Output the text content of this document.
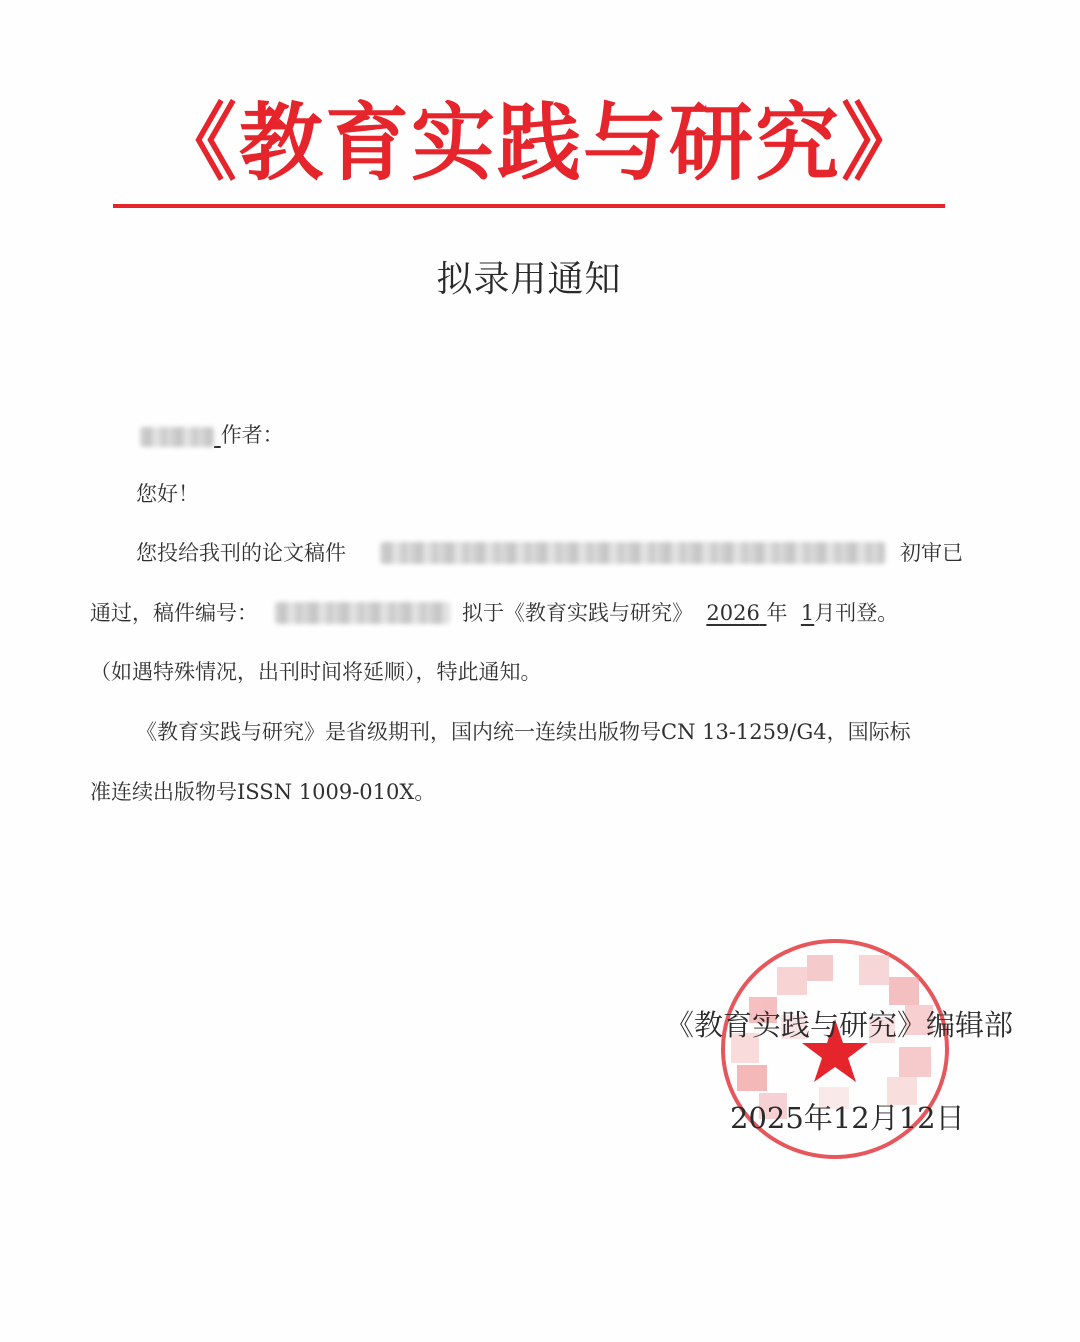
《教育实践与研究》
拟录用通知
作者：
您好！
您投给我刊的论文稿件	初审已
通过，稿件编号：	拟于《教育实践与研究》 2026 年 1月刊登。
（如遇特殊情况，出刊时间将延顺），特此通知。
《教育实践与研究》是省级期刊，国内统一连续出版物号CN 13-1259/G4，国际标
准连续出版物号ISSN 1009-010X。
《教育实践与研究》编辑部
2025年12月12日
